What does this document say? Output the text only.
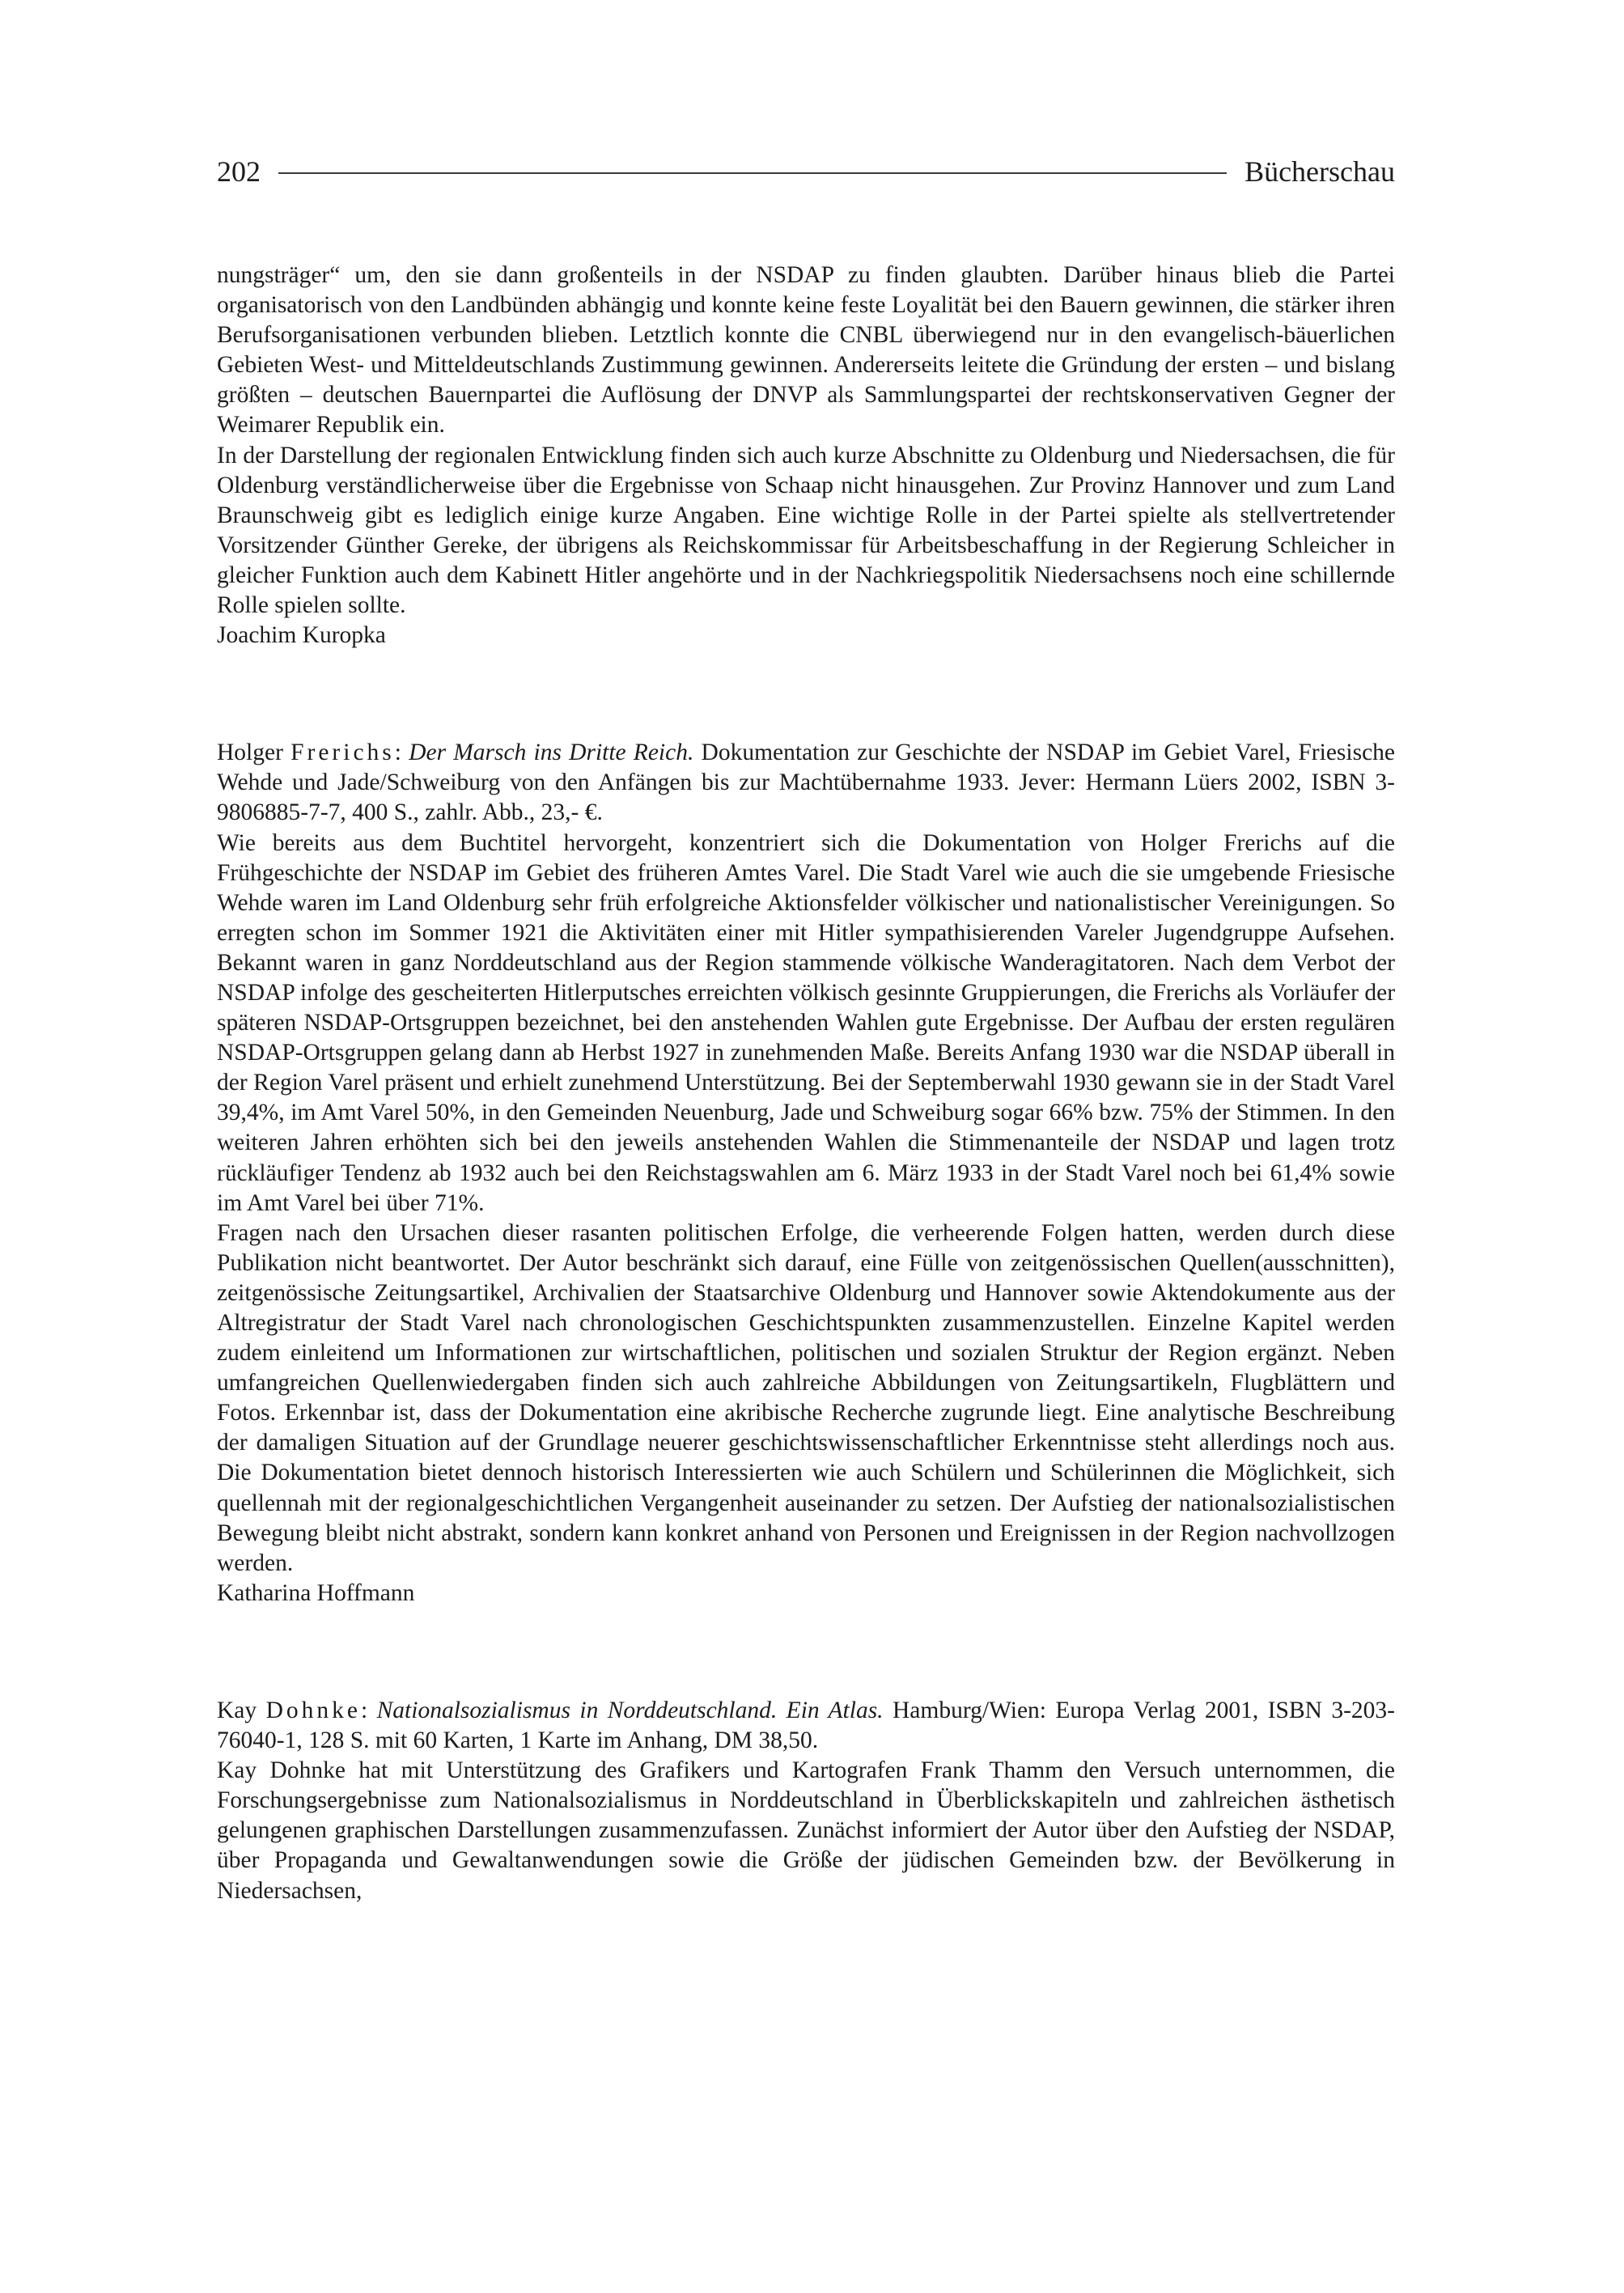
202	Bücherschau

nungsträger“ um, den sie dann großenteils in der NSDAP zu finden glaubten. Darüber hinaus blieb die Partei organisatorisch von den Landbünden abhängig und konnte keine feste Loyalität bei den Bauern gewinnen, die stärker ihren Berufsorganisationen verbunden blieben. Letztlich konnte die CNBL überwiegend nur in den evangelisch-bäuerlichen Gebieten West- und Mitteldeutschlands Zustimmung gewinnen. Andererseits leitete die Gründung der ersten – und bislang größten – deutschen Bauernpartei die Auflösung der DNVP als Sammlungspartei der rechtskonservativen Gegner der Weimarer Republik ein.

In der Darstellung der regionalen Entwicklung finden sich auch kurze Abschnitte zu Oldenburg und Niedersachsen, die für Oldenburg verständlicherweise über die Ergebnisse von Schaap nicht hinausgehen. Zur Provinz Hannover und zum Land Braunschweig gibt es lediglich einige kurze Angaben. Eine wichtige Rolle in der Partei spielte als stellvertretender Vorsitzender Günther Gereke, der übrigens als Reichskommissar für Arbeitsbeschaffung in der Regierung Schleicher in gleicher Funktion auch dem Kabinett Hitler angehörte und in der Nachkriegspolitik Niedersachsens noch eine schillernde Rolle spielen sollte.

Joachim Kuropka

Holger Frerichs: Der Marsch ins Dritte Reich. Dokumentation zur Geschichte der NSDAP im Gebiet Varel, Friesische Wehde und Jade/Schweiburg von den Anfängen bis zur Machtübernahme 1933. Jever: Hermann Lüers 2002, ISBN 3-9806885-7-7, 400 S., zahlr. Abb., 23,- €.

Wie bereits aus dem Buchtitel hervorgeht, konzentriert sich die Dokumentation von Holger Frerichs auf die Frühgeschichte der NSDAP im Gebiet des früheren Amtes Varel. Die Stadt Varel wie auch die sie umgebende Friesische Wehde waren im Land Oldenburg sehr früh erfolgreiche Aktionsfelder völkischer und nationalistischer Vereinigungen. So erregten schon im Sommer 1921 die Aktivitäten einer mit Hitler sympathisierenden Vareler Jugendgruppe Aufsehen. Bekannt waren in ganz Norddeutschland aus der Region stammende völkische Wanderagitatoren. Nach dem Verbot der NSDAP infolge des gescheiterten Hitlerputsches erreichten völkisch gesinnte Gruppierungen, die Frerichs als Vorläufer der späteren NSDAP-Ortsgruppen bezeichnet, bei den anstehenden Wahlen gute Ergebnisse. Der Aufbau der ersten regulären NSDAP-Ortsgruppen gelang dann ab Herbst 1927 in zunehmenden Maße. Bereits Anfang 1930 war die NSDAP überall in der Region Varel präsent und erhielt zunehmend Unterstützung. Bei der Septemberwahl 1930 gewann sie in der Stadt Varel 39,4%, im Amt Varel 50%, in den Gemeinden Neuenburg, Jade und Schweiburg sogar 66% bzw. 75% der Stimmen. In den weiteren Jahren erhöhten sich bei den jeweils anstehenden Wahlen die Stimmenanteile der NSDAP und lagen trotz rückläufiger Tendenz ab 1932 auch bei den Reichstagswahlen am 6. März 1933 in der Stadt Varel noch bei 61,4% sowie im Amt Varel bei über 71%.

Fragen nach den Ursachen dieser rasanten politischen Erfolge, die verheerende Folgen hatten, werden durch diese Publikation nicht beantwortet. Der Autor beschränkt sich darauf, eine Fülle von zeitgenössischen Quellen(ausschnitten), zeitgenössische Zeitungsartikel, Archivalien der Staatsarchive Oldenburg und Hannover sowie Aktendokumente aus der Altregistratur der Stadt Varel nach chronologischen Geschichtspunkten zusammenzustellen. Einzelne Kapitel werden zudem einleitend um Informationen zur wirtschaftlichen, politischen und sozialen Struktur der Region ergänzt. Neben umfangreichen Quellenwiedergaben finden sich auch zahlreiche Abbildungen von Zeitungsartikeln, Flugblättern und Fotos. Erkennbar ist, dass der Dokumentation eine akribische Recherche zugrunde liegt. Eine analytische Beschreibung der damaligen Situation auf der Grundlage neuerer geschichtswissenschaftlicher Erkenntnisse steht allerdings noch aus. Die Dokumentation bietet dennoch historisch Interessierten wie auch Schülern und Schülerinnen die Möglichkeit, sich quellennah mit der regionalgeschichtlichen Vergangenheit auseinander zu setzen. Der Aufstieg der nationalsozialistischen Bewegung bleibt nicht abstrakt, sondern kann konkret anhand von Personen und Ereignissen in der Region nachvollzogen werden.

Katharina Hoffmann

Kay Dohnke: Nationalsozialismus in Norddeutschland. Ein Atlas. Hamburg/Wien: Europa Verlag 2001, ISBN 3-203-76040-1, 128 S. mit 60 Karten, 1 Karte im Anhang, DM 38,50.

Kay Dohnke hat mit Unterstützung des Grafikers und Kartografen Frank Thamm den Versuch unternommen, die Forschungsergebnisse zum Nationalsozialismus in Norddeutschland in Überblickskapiteln und zahlreichen ästhetisch gelungenen graphischen Darstellungen zusammenzufassen. Zunächst informiert der Autor über den Aufstieg der NSDAP, über Propaganda und Gewaltanwendungen sowie die Größe der jüdischen Gemeinden bzw. der Bevölkerung in Niedersachsen,
